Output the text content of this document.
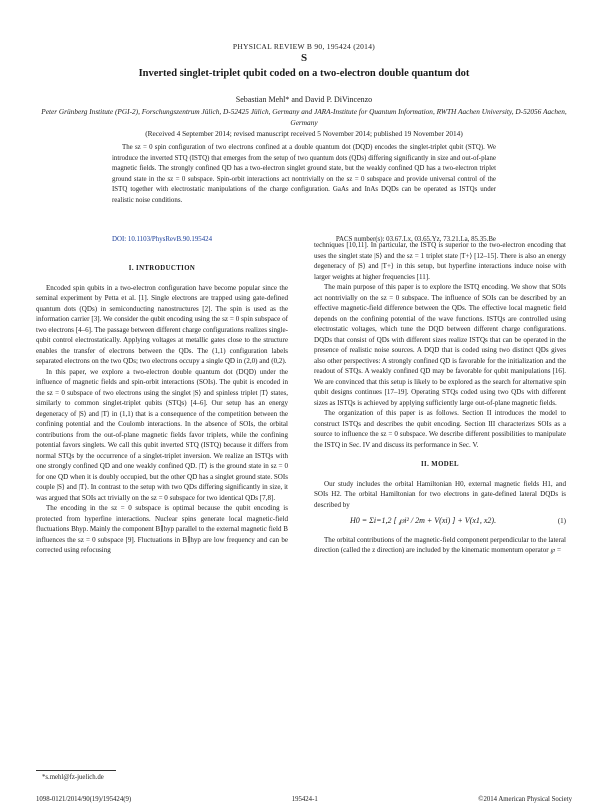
PHYSICAL REVIEW B 90, 195424 (2014)
S
Inverted singlet-triplet qubit coded on a two-electron double quantum dot
Sebastian Mehl* and David P. DiVincenzo
Peter Grünberg Institute (PGI-2), Forschungszentrum Jülich, D-52425 Jülich, Germany and JARA-Institute for Quantum Information, RWTH Aachen University, D-52056 Aachen, Germany
(Received 4 September 2014; revised manuscript received 5 November 2014; published 19 November 2014)
The sz = 0 spin configuration of two electrons confined at a double quantum dot (DQD) encodes the singlet-triplet qubit (STQ). We introduce the inverted STQ (ISTQ) that emerges from the setup of two quantum dots (QDs) differing significantly in size and out-of-plane magnetic fields. The strongly confined QD has a two-electron singlet ground state, but the weakly confined QD has a two-electron triplet ground state in the sz = 0 subspace. Spin-orbit interactions act nontrivially on the sz = 0 subspace and provide universal control of the ISTQ together with electrostatic manipulations of the charge configuration. GaAs and InAs DQDs can be operated as ISTQs under realistic noise conditions.
DOI: 10.1103/PhysRevB.90.195424	PACS number(s): 03.67.Lx, 03.65.Yz, 73.21.La, 85.35.Be
I. INTRODUCTION

Encoded spin qubits in a two-electron configuration have become popular since the seminal experiment by Petta et al. [1]. Single electrons are trapped using gate-defined quantum dots (QDs) in semiconducting nanostructures [2]. The spin is used as the information carrier [3]. We consider the qubit encoding using the sz = 0 spin subspace of two electrons [4–6]. The passage between different charge configurations realizes single-qubit control electrostatically. Applying voltages at metallic gates close to the structure enables the transfer of electrons between the QDs. The (1,1) configuration labels separated electrons on the two QDs; two electrons occupy a single QD in (2,0) and (0,2).

In this paper, we explore a two-electron double quantum dot (DQD) under the influence of magnetic fields and spin-orbit interactions (SOIs). The qubit is encoded in the sz = 0 subspace of two electrons using the singlet |S⟩ and spinless triplet |T⟩ states, similarly to common singlet-triplet qubits (STQs) [4–6]. Our setup has an energy degeneracy of |S⟩ and |T⟩ in (1,1) that is a consequence of the competition between the confining potential and the Coulomb interactions. In the absence of SOIs, the orbital contributions from the out-of-plane magnetic fields favor triplets, while the confining potential favors singlets. We call this qubit inverted STQ (ISTQ) because it differs from normal STQs by the occurrence of a singlet-triplet inversion. We realize an ISTQs with one strongly confined QD and one weakly confined QD. |T⟩ is the ground state in sz = 0 for one QD when it is doubly occupied, but the other QD has a singlet ground state. SOIs couple |S⟩ and |T⟩. In contrast to the setup with two QDs differing significantly in size, it was argued that SOIs act trivially on the sz = 0 subspace for two identical QDs [7,8].

The encoding in the sz = 0 subspace is optimal because the qubit encoding is protected from hyperfine interactions. Nuclear spins generate local magnetic-field fluctuations Bhyp. Mainly the component B∥hyp parallel to the external magnetic field B influences the sz = 0 subspace [9]. Fluctuations in B∥hyp are low frequency and can be corrected using refocusing

techniques [10,11]. In particular, the ISTQ is superior to the two-electron encoding that uses the singlet state |S⟩ and the sz = 1 triplet state |T+⟩ [12–15]. There is also an energy degeneracy of |S⟩ and |T+⟩ in this setup, but hyperfine interactions induce noise with larger weights at higher frequencies [11].

The main purpose of this paper is to explore the ISTQ encoding. We show that SOIs act nontrivially on the sz = 0 subspace. The influence of SOIs can be described by an effective magnetic-field difference between the QDs. The effective local magnetic field depends on the confining potential of the wave functions. ISTQs are controlled using electrostatic voltages, which tune the DQD between different charge configurations. DQDs that consist of QDs with different sizes realize ISTQs that can be operated in the presence of realistic noise sources. A DQD that is coded using two distinct QDs gives also other perspectives: A strongly confined QD is favorable for the initialization and the readout of STQs. A weakly confined QD may be favorable for qubit manipulations [16]. We are convinced that this setup is likely to be explored as the search for alternative spin qubit designs continues [17–19]. Operating STQs coded using two QDs with different sizes as ISTQs is achieved by applying sufficiently large out-of-plane magnetic fields.

The organization of this paper is as follows. Section II introduces the model to construct ISTQs and describes the qubit encoding. Section III characterizes SOIs as a source to influence the sz = 0 subspace. We describe different possibilities to manipulate the ISTQ in Sec. IV and discuss its performance in Sec. V.

II. MODEL

Our study includes the orbital Hamiltonian H0, external magnetic fields H1, and SOIs H2. The orbital Hamiltonian for two electrons in gate-defined lateral DQDs is described by

H0 = Σi=1,2 [ ℘i² / 2m + V(xi) ] + V(x1, x2).	(1)

The orbital contributions of the magnetic-field component perpendicular to the lateral direction (called the z direction) are included by the kinematic momentum operator ℘ =

*s.mehl@fz-juelich.de
1098-0121/2014/90(19)/195424(9)	195424-1	©2014 American Physical Society
